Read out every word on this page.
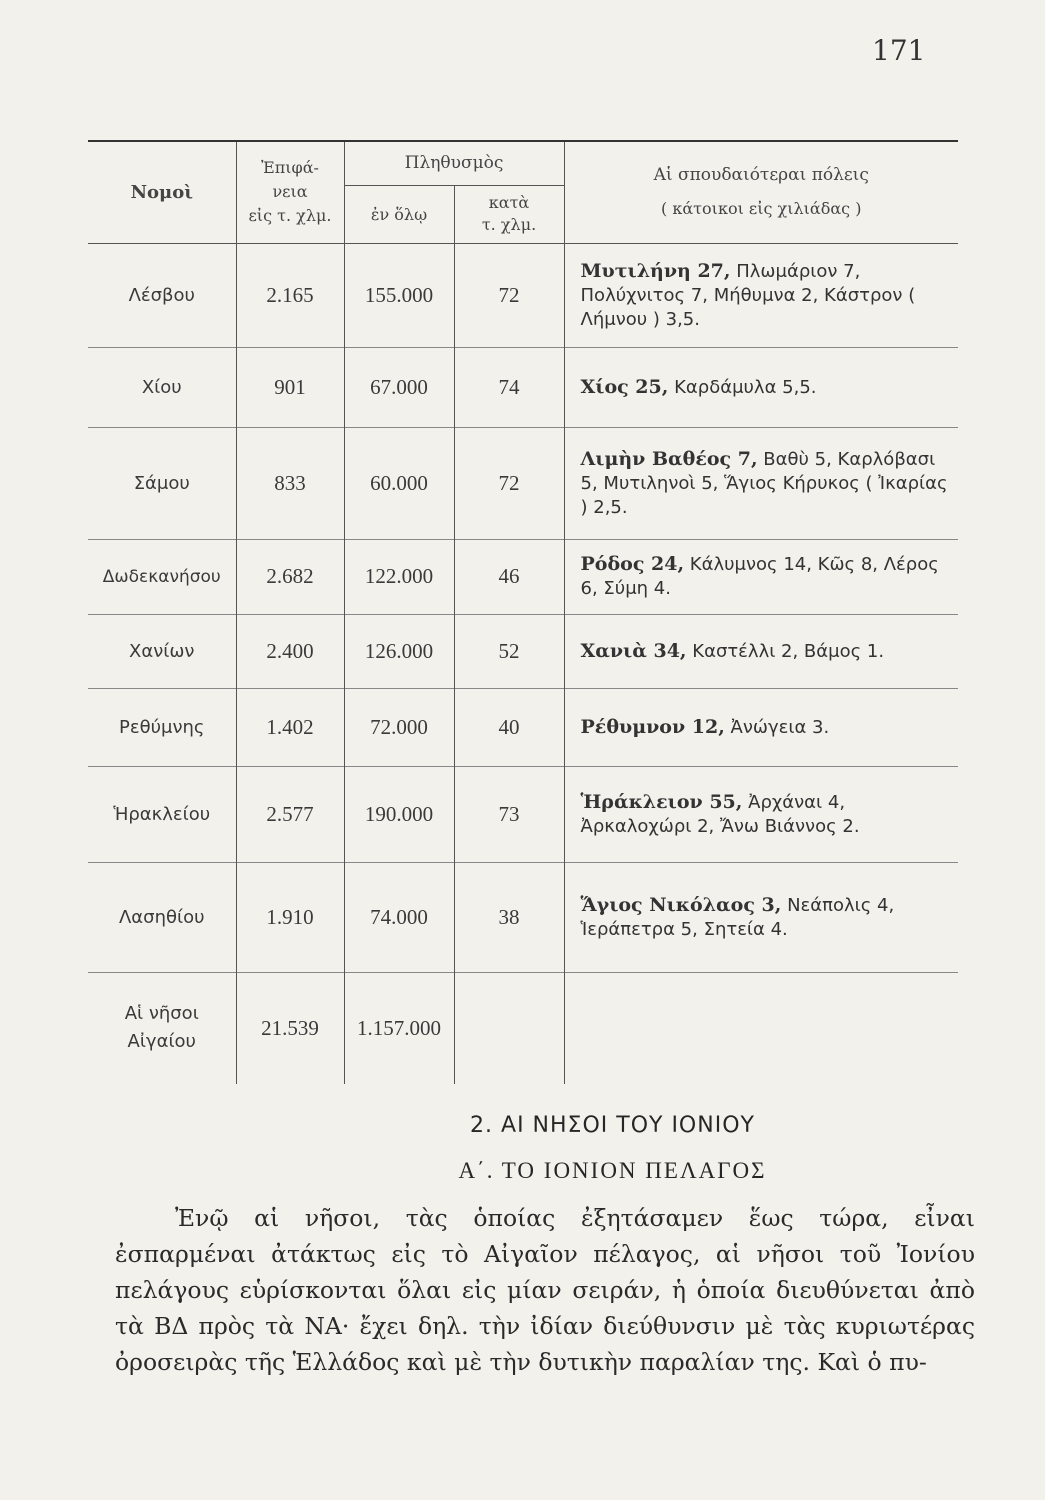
171
Νομοὶ	Ἐπιφά-
νεια
εἰς τ. χλμ.	Πληθυσμὸς		Αἱ σπουδαιότεραι πόλεις
( κάτοικοι εἰς χιλιάδας )
		ἐν ὅλῳ	κατὰ
τ. χλμ.	
Λέσβου	2.165	155.000	72	Μυτιλήνη 27, Πλωμάριον 7, Πολύχνιτος 7, Μήθυμνα 2, Κάστρον ( Λήμνου ) 3,5.
Χίου	901	67.000	74	Χίος 25, Καρδάμυλα 5,5.
Σάμου	833	60.000	72	Λιμὴν Βαθέος 7, Βαθὺ 5, Καρλόβασι 5, Μυτιληνοὶ 5, Ἅγιος Κήρυκος ( Ἰκαρίας ) 2,5.
Δωδεκανήσου	2.682	122.000	46	Ρόδος 24, Κάλυμνος 14, Κῶς 8, Λέρος 6, Σύμη 4.
Χανίων	2.400	126.000	52	Χανιὰ 34, Καστέλλι 2, Βάμος 1.
Ρεθύμνης	1.402	72.000	40	Ρέθυμνον 12, Ἀνώγεια 3.
Ἡρακλείου	2.577	190.000	73	Ἡράκλειον 55, Ἀρχάναι 4, Ἀρκαλοχώρι 2, Ἄνω Βιάννος 2.
Λασηθίου	1.910	74.000	38	Ἅγιος Νικόλαος 3, Νεάπολις 4, Ἱεράπετρα 5, Σητεία 4.
Αἱ νῆσοι
Αἰγαίου	21.539	1.157.000		
2. ΑΙ ΝΗΣΟΙ ΤΟΥ ΙΟΝΙΟΥ
Α΄. ΤΟ ΙΟΝΙΟΝ ΠΕΛΑΓΟΣ
Ἐνῷ αἱ νῆσοι, τὰς ὁποίας ἐξητάσαμεν ἕως τώρα, εἶναι ἐσπαρμέναι ἀτάκτως εἰς τὸ Αἰγαῖον πέλαγος, αἱ νῆσοι τοῦ Ἰονίου πελάγους εὑρίσκονται ὅλαι εἰς μίαν σειράν, ἡ ὁποία διευθύνεται ἀπὸ τὰ ΒΔ πρὸς τὰ ΝΑ· ἔχει δηλ. τὴν ἰδίαν διεύθυνσιν μὲ τὰς κυριωτέρας ὀροσειρὰς τῆς Ἑλλάδος καὶ μὲ τὴν δυτικὴν παραλίαν της. Καὶ ὁ πυ-
